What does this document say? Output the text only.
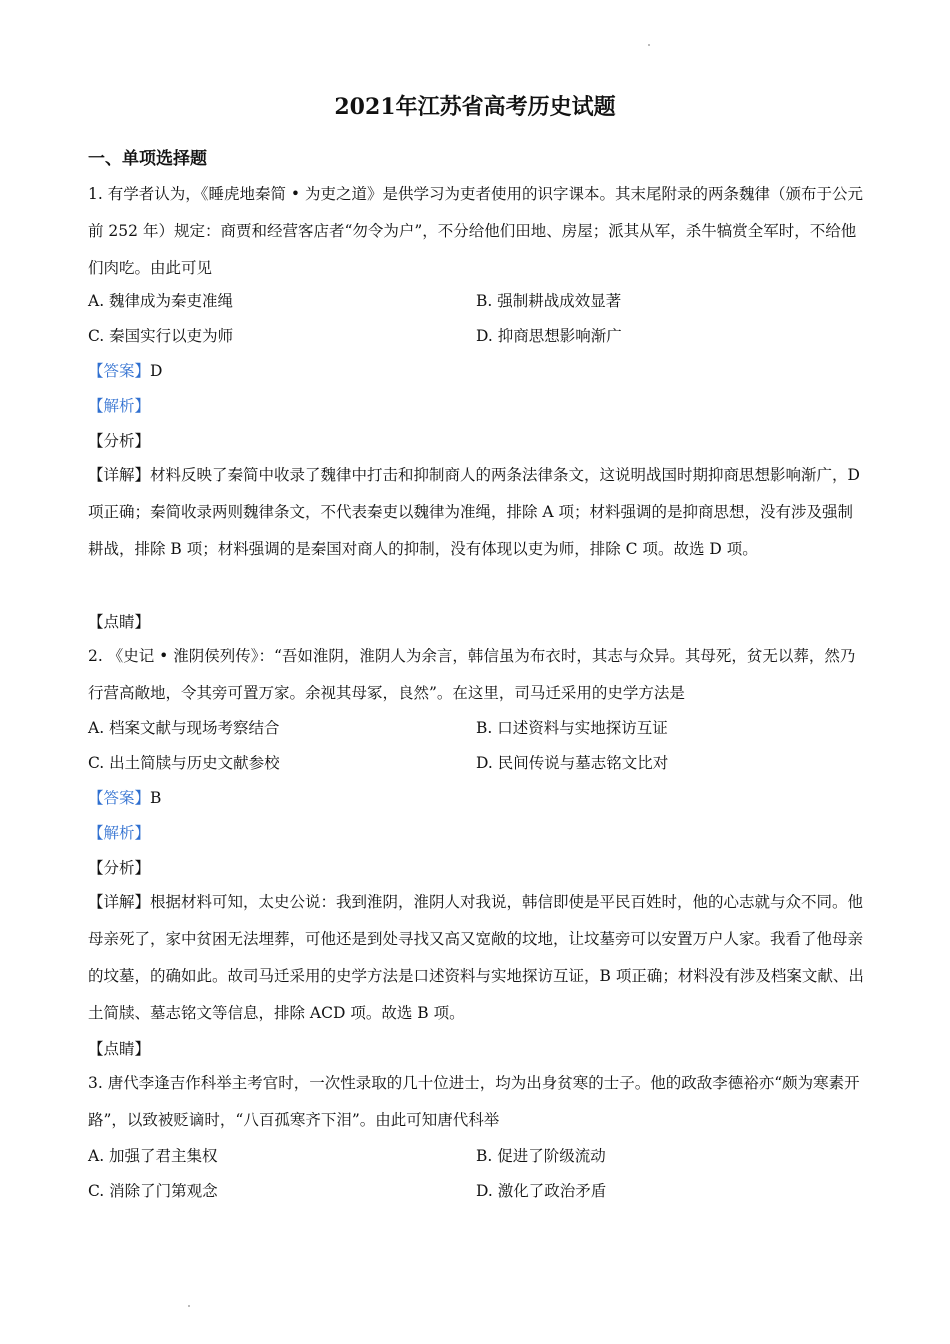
2021年江苏省高考历史试题
一、单项选择题

1. 有学者认为，《睡虎地秦简 • 为吏之道》是供学习为吏者使用的识字课本。其末尾附录的两条魏律（颁布于公元前 252 年）规定：商贾和经营客店者“勿令为户”，不分给他们田地、房屋；派其从军，杀牛犒赏全军时，不给他们肉吃。由此可见

A. 魏律成为秦吏准绳	B. 强制耕战成效显著
C. 秦国实行以吏为师	D. 抑商思想影响渐广
【答案】D
【解析】
【分析】

【详解】材料反映了秦简中收录了魏律中打击和抑制商人的两条法律条文，这说明战国时期抑商思想影响渐广，D 项正确；秦简收录两则魏律条文，不代表秦吏以魏律为准绳，排除 A 项；材料强调的是抑商思想，没有涉及强制耕战，排除 B 项；材料强调的是秦国对商人的抑制，没有体现以吏为师，排除 C 项。故选 D 项。

【点睛】

2. 《史记 • 淮阴侯列传》：“吾如淮阴，淮阴人为余言，韩信虽为布衣时，其志与众异。其母死，贫无以葬，然乃行营高敞地，令其旁可置万家。余视其母冢，良然”。在这里，司马迁采用的史学方法是

A. 档案文献与现场考察结合	B. 口述资料与实地探访互证
C. 出土简牍与历史文献参校	D. 民间传说与墓志铭文比对
【答案】B
【解析】
【分析】

【详解】根据材料可知，太史公说：我到淮阴，淮阴人对我说，韩信即使是平民百姓时，他的心志就与众不同。他母亲死了，家中贫困无法埋葬，可他还是到处寻找又高又宽敞的坟地，让坟墓旁可以安置万户人家。我看了他母亲的坟墓，的确如此。故司马迁采用的史学方法是口述资料与实地探访互证，B 项正确；材料没有涉及档案文献、出土简牍、墓志铭文等信息，排除 ACD 项。故选 B 项。

【点睛】

3. 唐代李逢吉作科举主考官时，一次性录取的几十位进士，均为出身贫寒的士子。他的政敌李德裕亦“颇为寒素开路”，以致被贬谪时，“八百孤寒齐下泪”。由此可知唐代科举

A. 加强了君主集权	B. 促进了阶级流动
C. 消除了门第观念	D. 激化了政治矛盾
